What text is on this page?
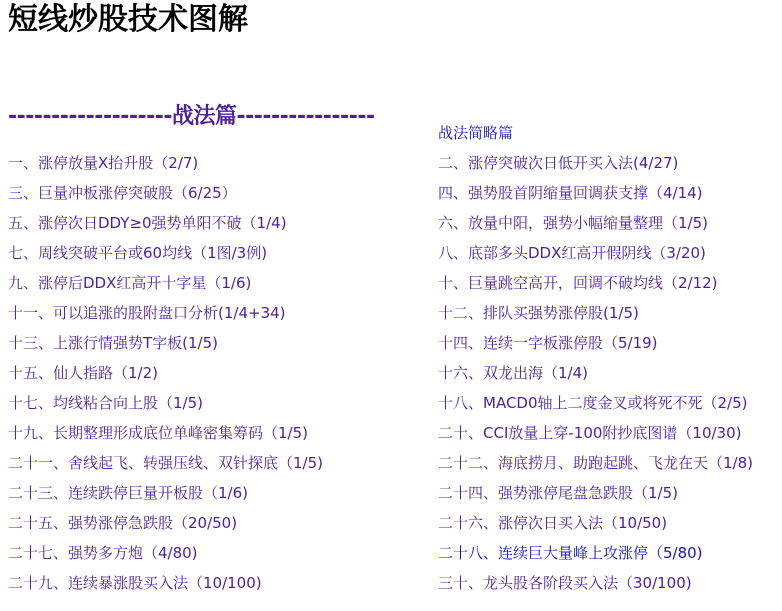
短线炒股技术图解
-------------------战法篇----------------
战法简略篇
一、涨停放量X抬升股（2/7)
三、巨量冲板涨停突破股（6/25）
五、涨停次日DDY≥0强势单阳不破（1/4)
七、周线突破平台或60均线（1图/3例)
九、涨停后DDX红高开十字星（1/6)
十一、可以追涨的股附盘口分析(1/4+34)
十三、上涨行情强势T字板(1/5)
十五、仙人指路（1/2)
十七、均线粘合向上股（1/5)
十九、长期整理形成底位单峰密集筹码（1/5)
二十一、舍线起飞、转强压线、双针探底（1/5)
二十三、连续跌停巨量开板股（1/6)
二十五、强势涨停急跌股（20/50)
二十七、强势多方炮（4/80)
二十九、连续暴涨股买入法（10/100)
二、涨停突破次日低开买入法(4/27)
四、强势股首阴缩量回调获支撑（4/14)
六、放量中阳，强势小幅缩量整理（1/5)
八、底部多头DDX红高开假阴线（3/20)
十、巨量跳空高开，回调不破均线（2/12)
十二、排队买强势涨停股(1/5)
十四、连续一字板涨停股（5/19)
十六、双龙出海（1/4)
十八、MACD0轴上二度金叉或将死不死（2/5)
二十、CCI放量上穿-100附抄底图谱（10/30)
二十二、海底捞月、助跑起跳、飞龙在天（1/8)
二十四、强势涨停尾盘急跌股（1/5)
二十六、涨停次日买入法（10/50)
二十八、连续巨大量峰上攻涨停（5/80)
三十、龙头股各阶段买入法（30/100)
